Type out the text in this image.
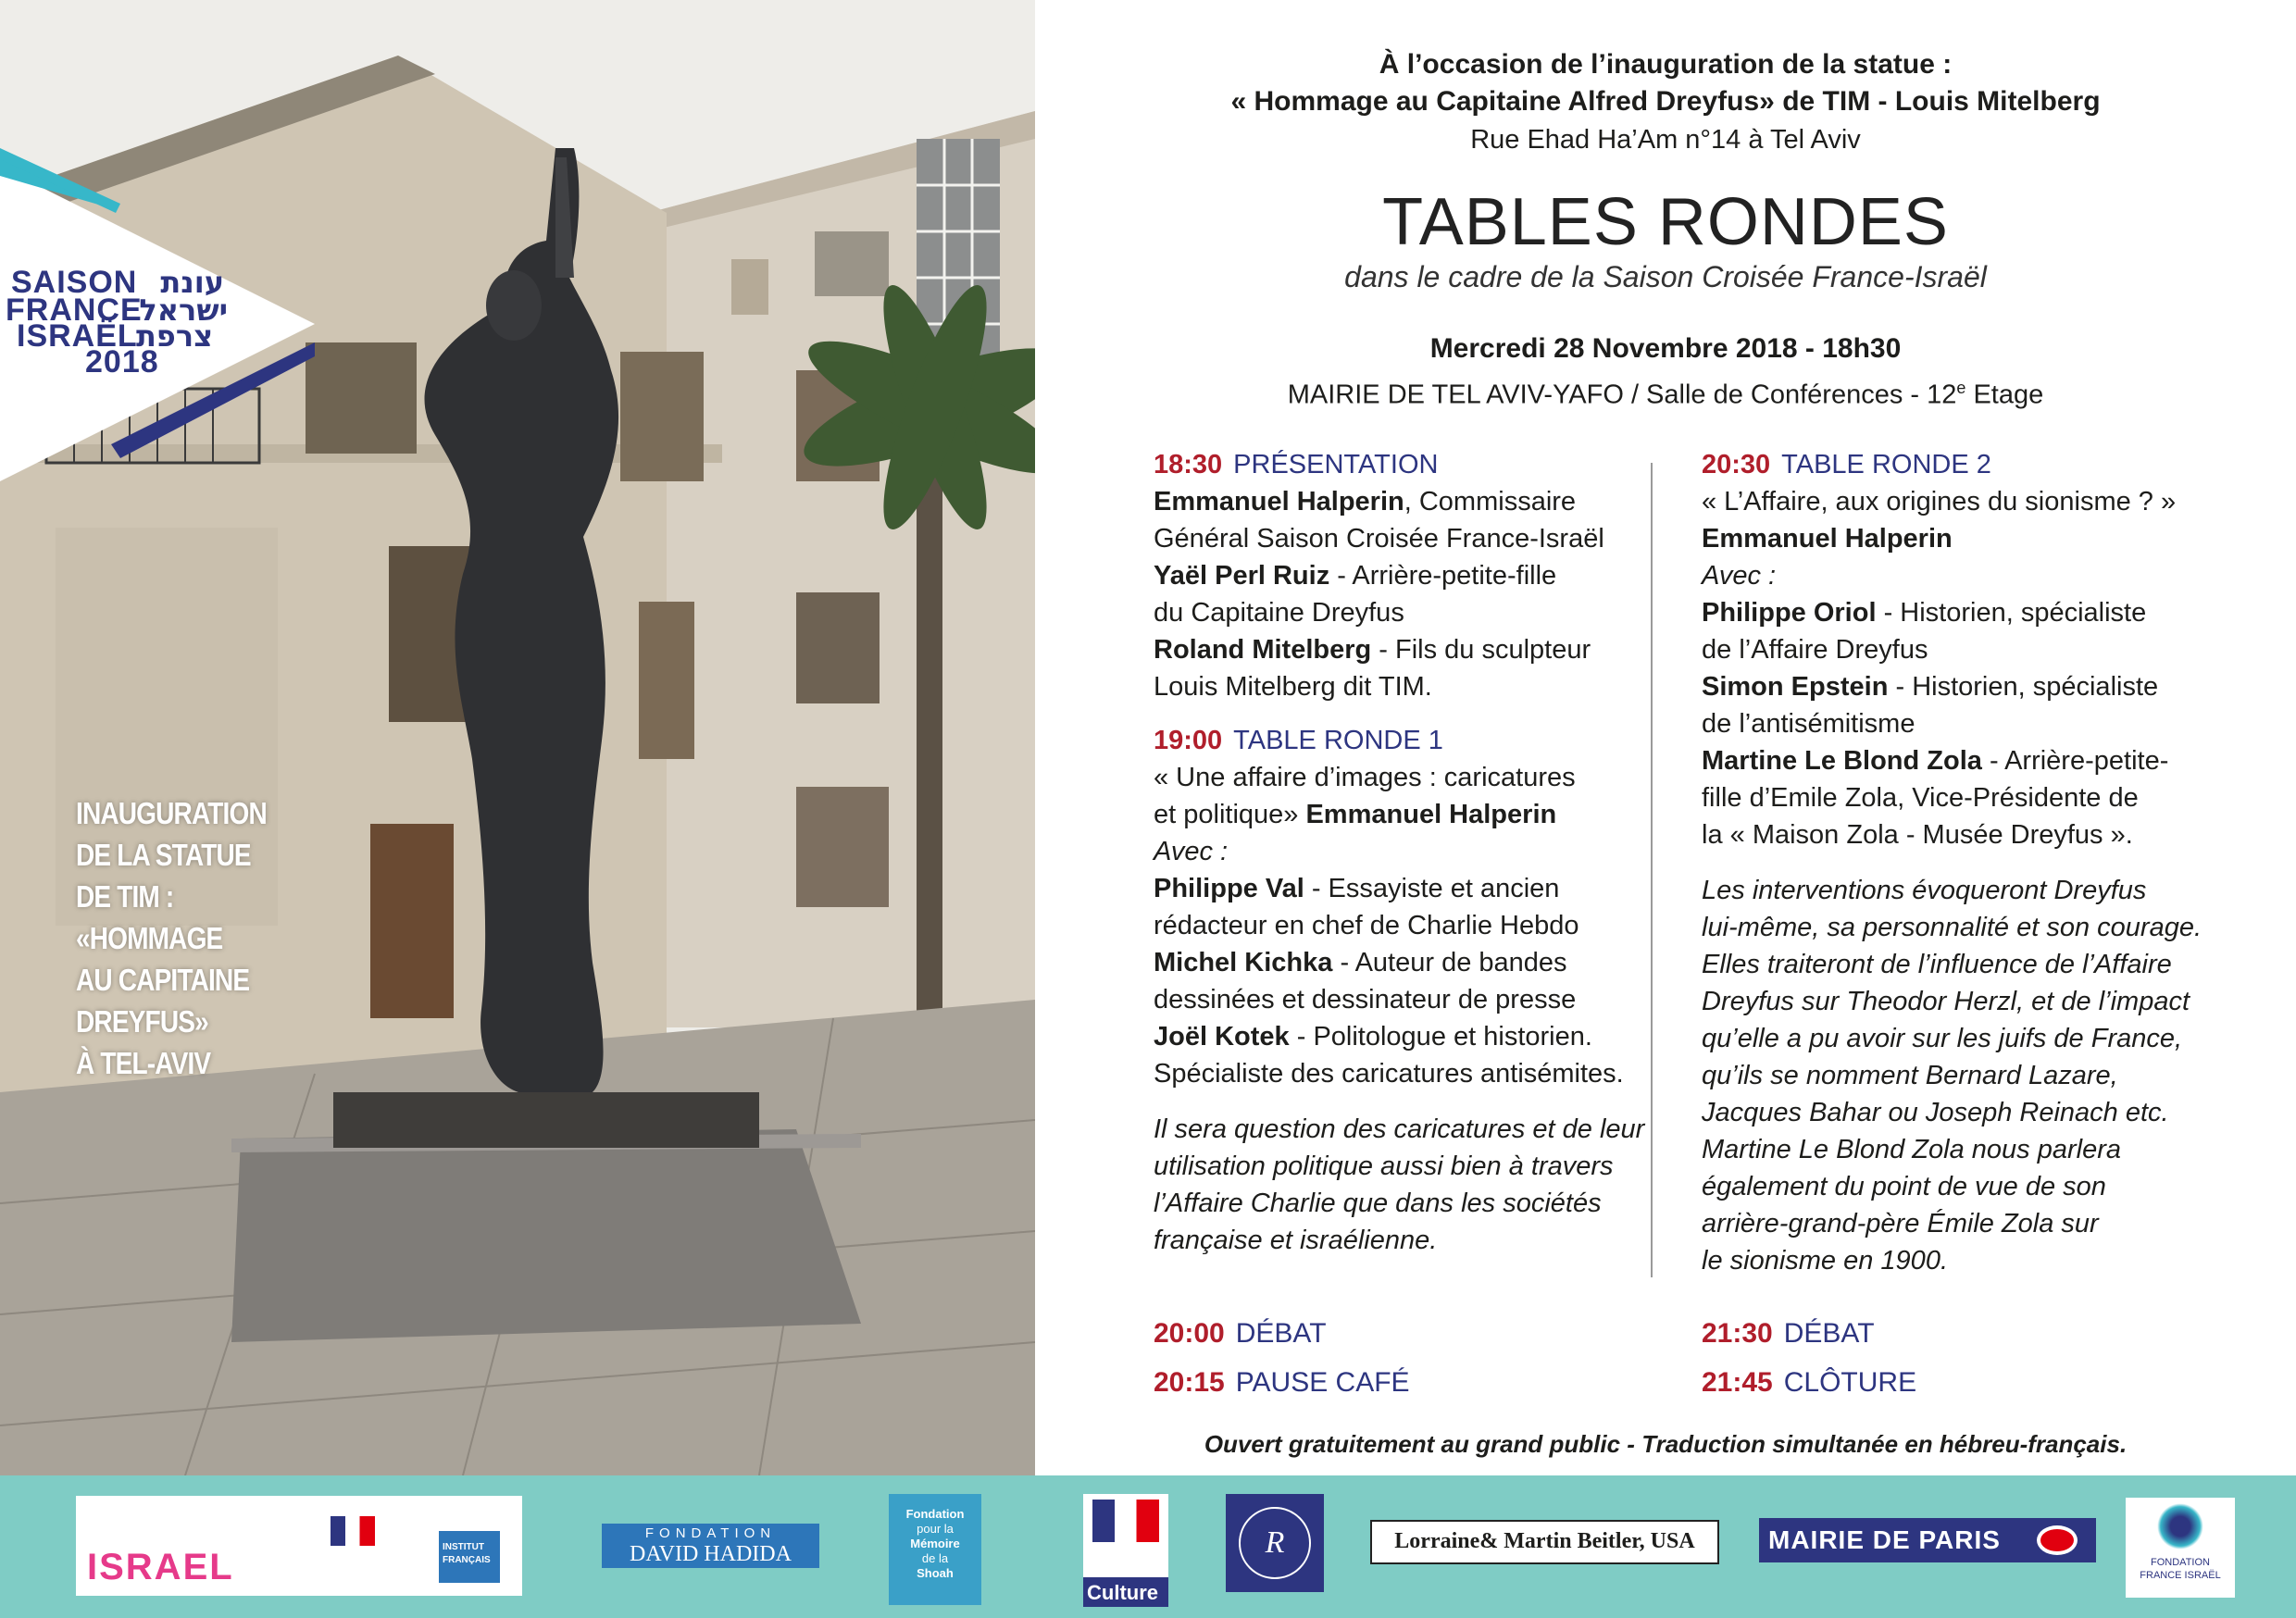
SAISON
FRANCE
ISRAËL
2018
עונת
ישראל
צרפת
INAUGURATION
DE LA STATUE
DE TIM :
«HOMMAGE
AU CAPITAINE
DREYFUS»
À TEL-AVIV
À l’occasion de l’inauguration de la statue :
« Hommage au Capitaine Alfred Dreyfus» de TIM - Louis Mitelberg
Rue Ehad Ha’Am n°14 à Tel Aviv
TABLES RONDES
dans le cadre de la Saison Croisée France-Israël
Mercredi 28 Novembre 2018 - 18h30
MAIRIE DE TEL AVIV-YAFO / Salle de Conférences - 12e Etage
18:30 PRÉSENTATION
Emmanuel Halperin, Commissaire
Général Saison Croisée France-Israël
Yaël Perl Ruiz - Arrière-petite-fille
du Capitaine Dreyfus
Roland Mitelberg - Fils du sculpteur
Louis Mitelberg dit TIM.
19:00 TABLE RONDE 1
« Une affaire d’images : caricatures
et politique» Emmanuel Halperin
Avec :
Philippe Val - Essayiste et ancien
rédacteur en chef de Charlie Hebdo
Michel Kichka - Auteur de bandes
dessinées et dessinateur de presse
Joël Kotek - Politologue et historien.
Spécialiste des caricatures antisémites.
Il sera question des caricatures et de leur
utilisation politique aussi bien à travers
l’Affaire Charlie que dans les sociétés
française et israélienne.
20:30 TABLE RONDE 2
« L’Affaire, aux origines du sionisme ? »
Emmanuel Halperin
Avec :
Philippe Oriol - Historien, spécialiste
de l’Affaire Dreyfus
Simon Epstein - Historien, spécialiste
de l’antisémitisme
Martine Le Blond Zola - Arrière-petite-
fille d’Emile Zola, Vice-Présidente de
la « Maison Zola - Musée Dreyfus ».
Les interventions évoqueront Dreyfus
lui-même, sa personnalité et son courage.
Elles traiteront de l’influence de l’Affaire
Dreyfus sur Theodor Herzl, et de l’impact
qu’elle a pu avoir sur les juifs de France,
qu’ils se nomment Bernard Lazare,
Jacques Bahar ou Joseph Reinach etc.
Martine Le Blond Zola nous parlera
également du point de vue de son
arrière-grand-père Émile Zola sur
le sionisme en 1900.
20:00 DÉBAT
20:15 PAUSE CAFÉ
21:30 DÉBAT
21:45 CLÔTURE
Ouvert gratuitement au grand public - Traduction simultanée en hébreu-français.
ISRAEL	INSTITUT
FRANÇAIS
FONDATION
DAVID HADIDA
Fondation
pour la
Mémoire
de la
Shoah
Culture
R	Lorraine& Martin Beitler, USA	MAIRIE DE PARIS
FONDATION
FRANCE ISRAËL
